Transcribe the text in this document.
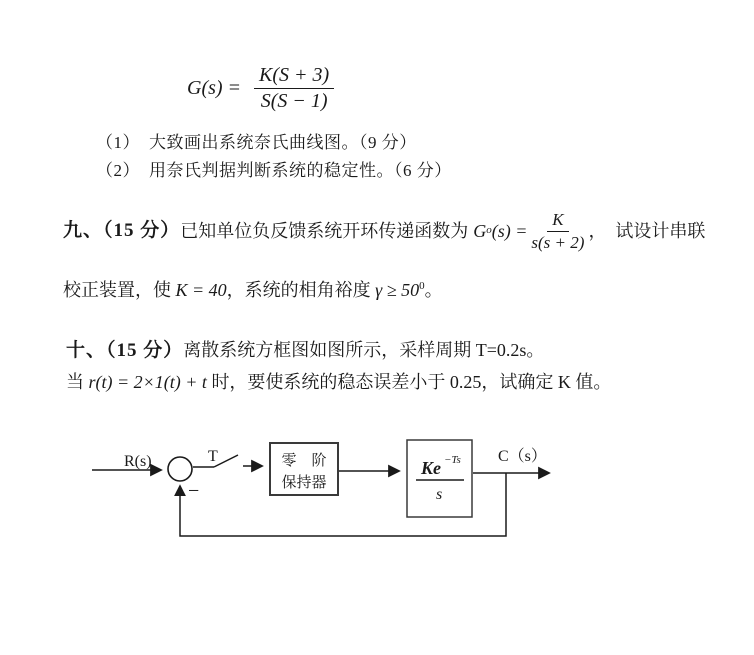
$G(s) = \frac{K(S + 3)}{S(S - 1)}$
（1）　大致画出系统奈氏曲线图。（9 分）
（2）　用奈氏判据判断系统的稳定性。（6 分）
九、（15 分） 已知单位负反馈系统开环传递函数为 G o $(s) = \frac{K}{s(s + 2)}$ ，　试设计串联
校正装置，使 K = 40，系统的相角裕度 $\gamma \ge 50^0$。
十、（15 分）离散系统方框图如图所示，采样周期 T=0.2s。
当 r(t) = 2×1(t) + t 时，要使系统的稳态误差小于 0.25，试确定 K 值。
R(s)
−
T	零　阶
保持器
Ke −Ts
s
C（s）
